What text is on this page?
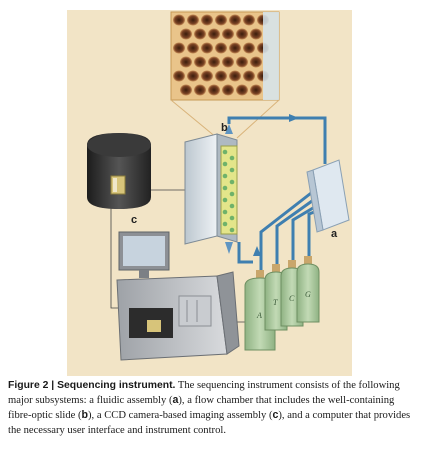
c
b
a
A
T C G
Figure 2 | Sequencing instrument. The sequencing instrument consists of the following major subsystems: a fluidic assembly (a), a flow chamber that includes the well-containing fibre-optic slide (b), a CCD camera-based imaging assembly (c), and a computer that provides the necessary user interface and instrument control.
